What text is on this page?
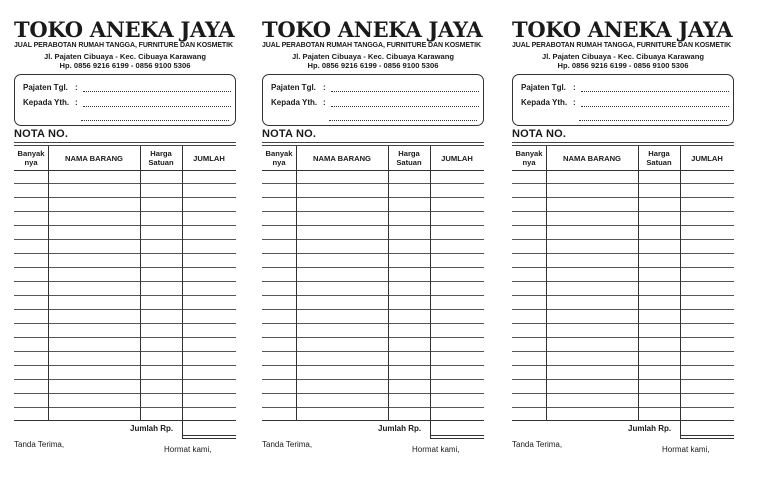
TOKO ANEKA JAYA
JUAL PERABOTAN RUMAH TANGGA, FURNITURE DAN KOSMETIK
Jl. Pajaten Cibuaya - Kec. Cibuaya Karawang
Hp. 0856 9216 6199 - 0856 9100 5306
Pajaten Tgl. :
Kepada Yth. :
NOTA NO.
Banyak nya	NAMA BARANG	Harga Satuan	JUMLAH
Jumlah Rp.
Tanda Terima,
Hormat kami,
TOKO ANEKA JAYA
JUAL PERABOTAN RUMAH TANGGA, FURNITURE DAN KOSMETIK
Jl. Pajaten Cibuaya - Kec. Cibuaya Karawang
Hp. 0856 9216 6199 - 0856 9100 5306
Pajaten Tgl. :
Kepada Yth. :
NOTA NO.
Banyak nya	NAMA BARANG	Harga Satuan	JUMLAH
Jumlah Rp.
Tanda Terima,
Hormat kami,
TOKO ANEKA JAYA
JUAL PERABOTAN RUMAH TANGGA, FURNITURE DAN KOSMETIK
Jl. Pajaten Cibuaya - Kec. Cibuaya Karawang
Hp. 0856 9216 6199 - 0856 9100 5306
Pajaten Tgl. :
Kepada Yth. :
NOTA NO.
Banyak nya	NAMA BARANG	Harga Satuan	JUMLAH
Jumlah Rp.
Tanda Terima,
Hormat kami,
